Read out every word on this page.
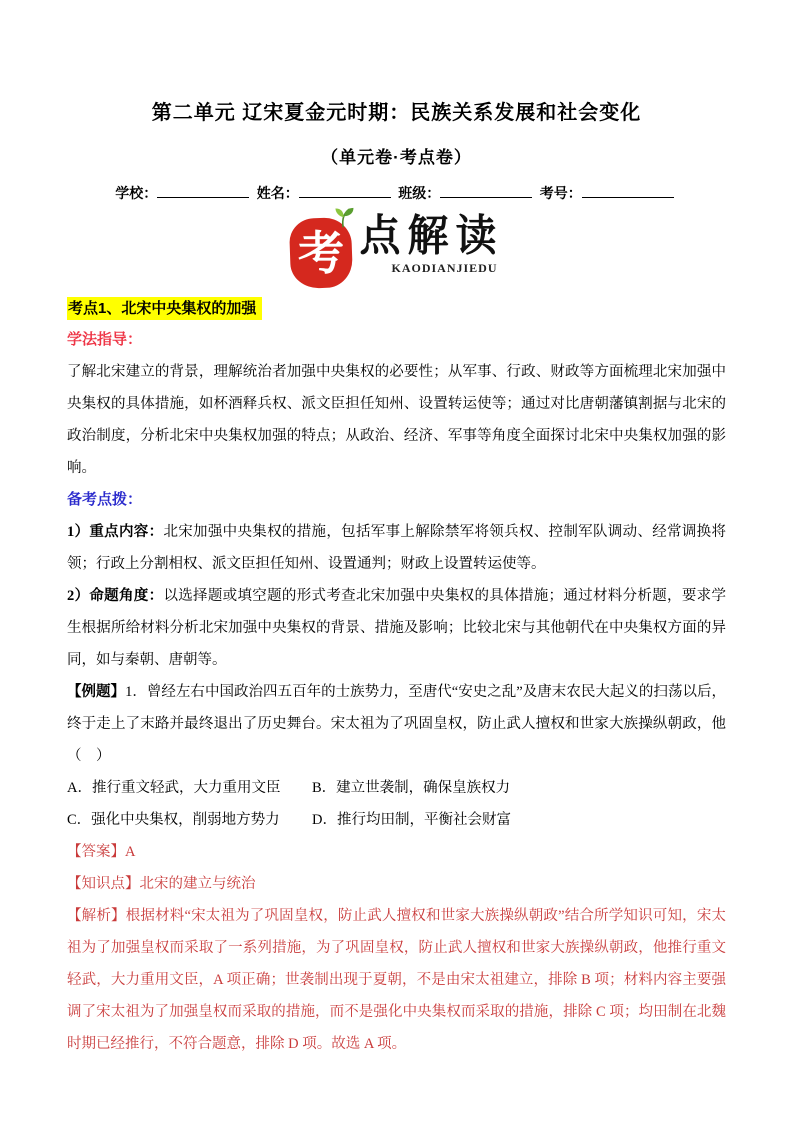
第二单元 辽宋夏金元时期：民族关系发展和社会变化
（单元卷·考点卷）
学校：	姓名：	班级：	考号：
考 点解读
KAODIANJIEDU

考点1、北宋中央集权的加强

学法指导：

了解北宋建立的背景，理解统治者加强中央集权的必要性；从军事、行政、财政等方面梳理北宋加强中央集权的具体措施，如杯酒释兵权、派文臣担任知州、设置转运使等；通过对比唐朝藩镇割据与北宋的政治制度，分析北宋中央集权加强的特点；从政治、经济、军事等角度全面探讨北宋中央集权加强的影响。

备考点拨：

1）重点内容：北宋加强中央集权的措施，包括军事上解除禁军将领兵权、控制军队调动、经常调换将领；行政上分割相权、派文臣担任知州、设置通判；财政上设置转运使等。

2）命题角度：以选择题或填空题的形式考查北宋加强中央集权的具体措施；通过材料分析题，要求学生根据所给材料分析北宋加强中央集权的背景、措施及影响；比较北宋与其他朝代在中央集权方面的异同，如与秦朝、唐朝等。

【例题】1．曾经左右中国政治四五百年的士族势力，至唐代“安史之乱”及唐末农民大起义的扫荡以后，终于走上了末路并最终退出了历史舞台。宋太祖为了巩固皇权，防止武人擅权和世家大族操纵朝政，他（　）

A．推行重文轻武，大力重用文臣	B．建立世袭制，确保皇族权力
C．强化中央集权，削弱地方势力	D．推行均田制，平衡社会财富

【答案】A

【知识点】北宋的建立与统治

【解析】根据材料“宋太祖为了巩固皇权，防止武人擅权和世家大族操纵朝政”结合所学知识可知，宋太祖为了加强皇权而采取了一系列措施，为了巩固皇权，防止武人擅权和世家大族操纵朝政，他推行重文轻武，大力重用文臣，A 项正确；世袭制出现于夏朝，不是由宋太祖建立，排除 B 项；材料内容主要强调了宋太祖为了加强皇权而采取的措施，而不是强化中央集权而采取的措施，排除 C 项；均田制在北魏时期已经推行，不符合题意，排除 D 项。故选 A 项。
